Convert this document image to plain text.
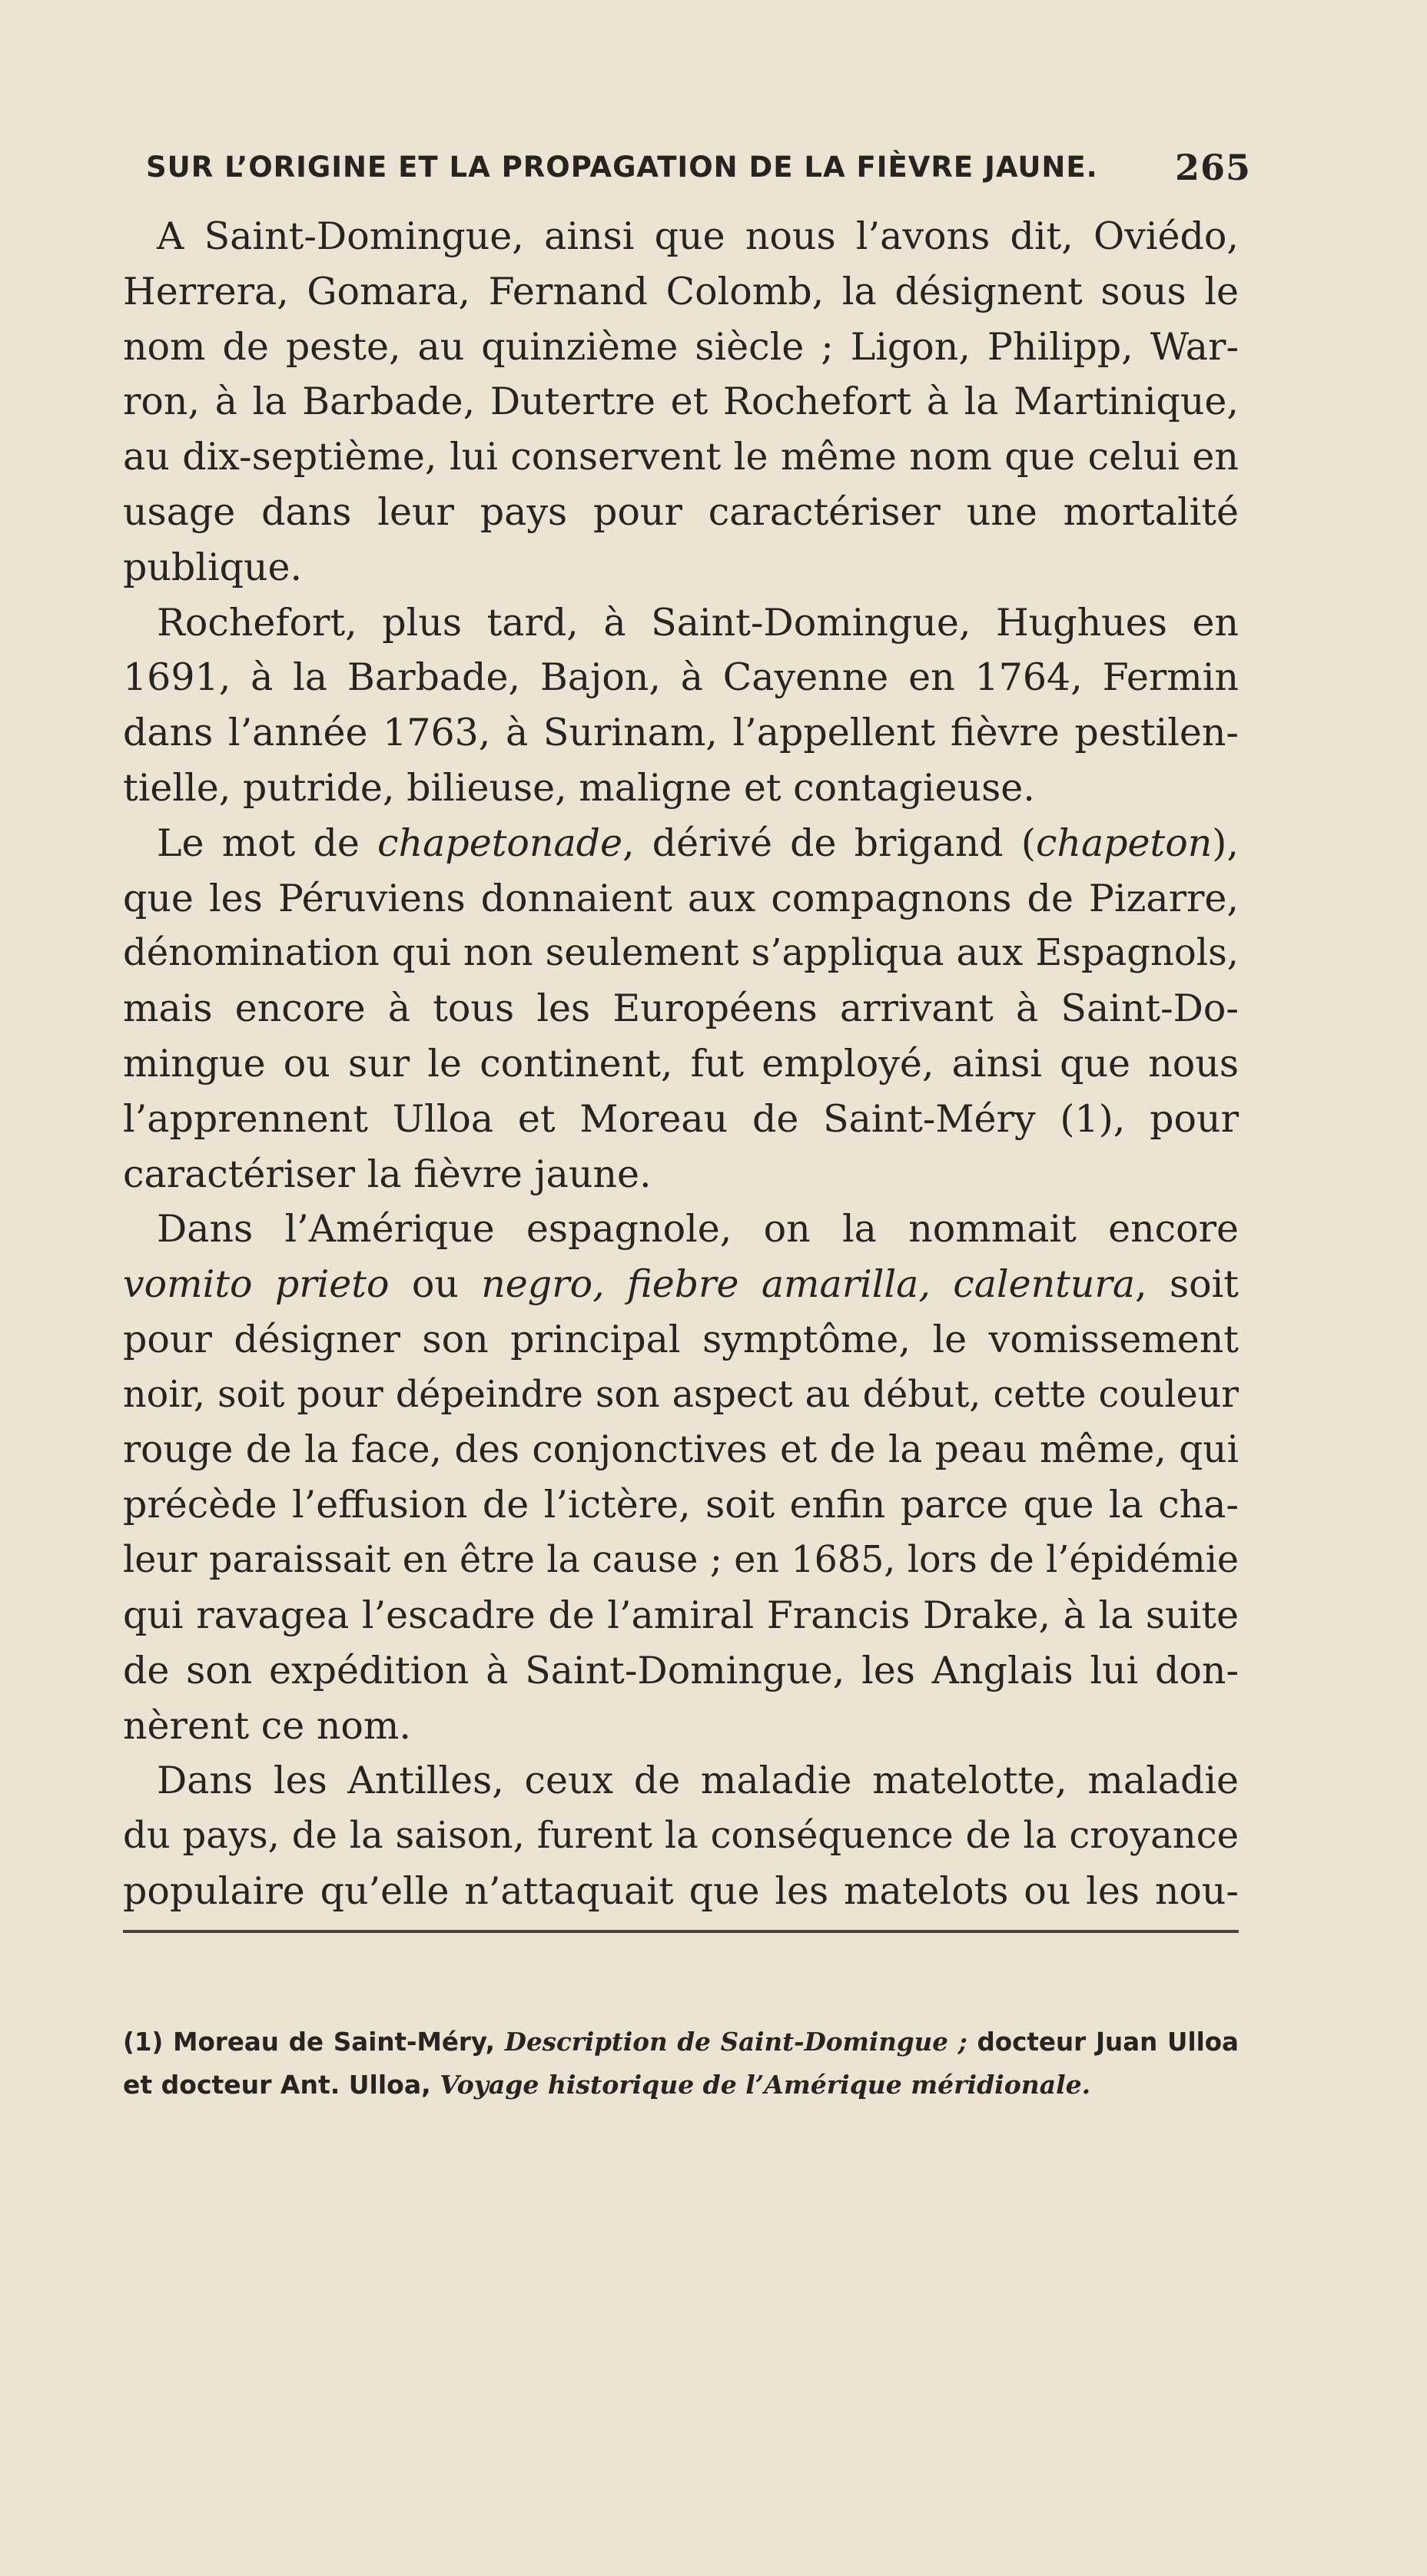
SUR L’ORIGINE ET LA PROPAGATION DE LA FIÈVRE JAUNE. 265
A Saint-Domingue, ainsi que nous l’avons dit, Oviédo,
Herrera, Gomara, Fernand Colomb, la désignent sous le
nom de peste, au quinzième siècle ; Ligon, Philipp, War-
ron, à la Barbade, Dutertre et Rochefort à la Martinique,
au dix-septième, lui conservent le même nom que celui en
usage dans leur pays pour caractériser une mortalité
publique.
Rochefort, plus tard, à Saint-Domingue, Hughues en
1691, à la Barbade, Bajon, à Cayenne en 1764, Fermin
dans l’année 1763, à Surinam, l’appellent fièvre pestilen-
tielle, putride, bilieuse, maligne et contagieuse.
Le mot de chapetonade, dérivé de brigand (chapeton),
que les Péruviens donnaient aux compagnons de Pizarre,
dénomination qui non seulement s’appliqua aux Espagnols,
mais encore à tous les Européens arrivant à Saint-Do-
mingue ou sur le continent, fut employé, ainsi que nous
l’apprennent Ulloa et Moreau de Saint-Méry (1), pour
caractériser la fièvre jaune.
Dans l’Amérique espagnole, on la nommait encore
vomito prieto ou negro, fiebre amarilla, calentura, soit
pour désigner son principal symptôme, le vomissement
noir, soit pour dépeindre son aspect au début, cette couleur
rouge de la face, des conjonctives et de la peau même, qui
précède l’effusion de l’ictère, soit enfin parce que la cha-
leur paraissait en être la cause ; en 1685, lors de l’épidémie
qui ravagea l’escadre de l’amiral Francis Drake, à la suite
de son expédition à Saint-Domingue, les Anglais lui don-
nèrent ce nom.
Dans les Antilles, ceux de maladie matelotte, maladie
du pays, de la saison, furent la conséquence de la croyance
populaire qu’elle n’attaquait que les matelots ou les nou-
(1) Moreau de Saint-Méry, Description de Saint-Domingue ; docteur Juan Ulloa
et docteur Ant. Ulloa, Voyage historique de l’Amérique méridionale.
